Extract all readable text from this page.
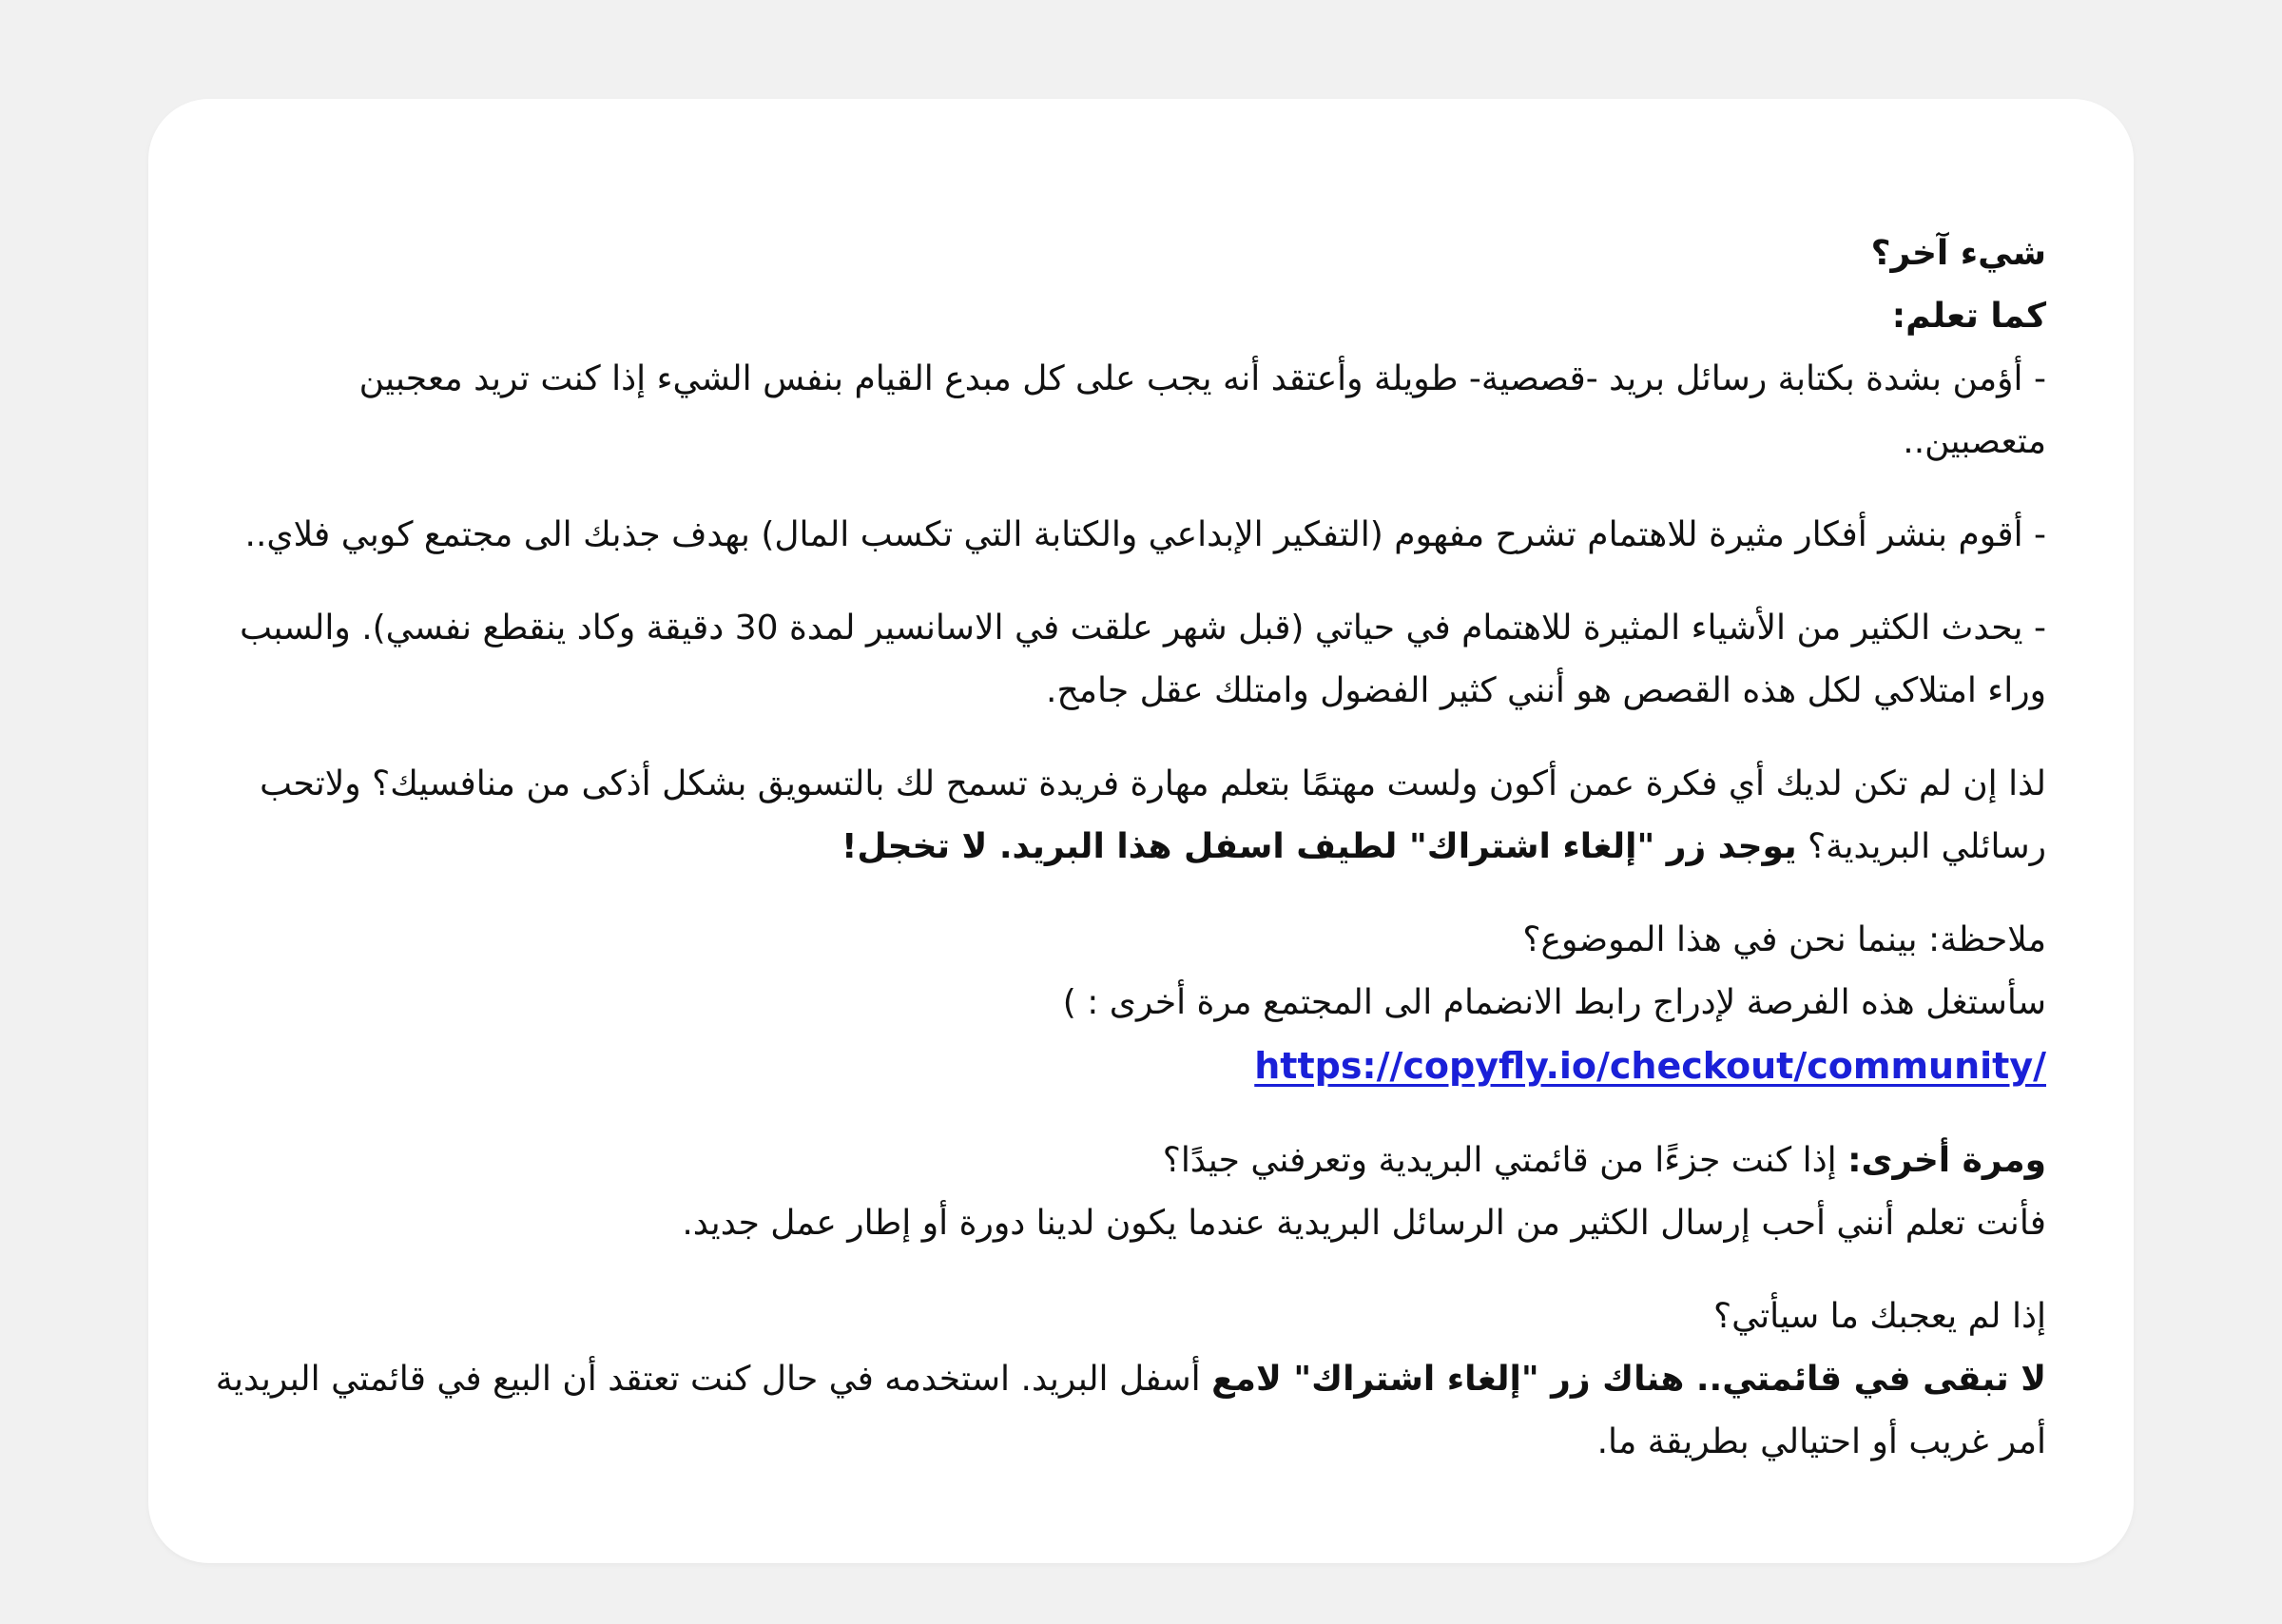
شيء آخر؟

كما تعلم:

- أؤمن بشدة بكتابة رسائل بريد -قصصية- طويلة وأعتقد أنه يجب على كل مبدع القيام بنفس الشيء إذا كنت تريد معجبين متعصبين..

- أقوم بنشر أفكار مثيرة للاهتمام تشرح مفهوم (التفكير الإبداعي والكتابة التي تكسب المال) بهدف جذبك الى مجتمع كوبي فلاي..

- يحدث الكثير من الأشياء المثيرة للاهتمام في حياتي (قبل شهر علقت في الاسانسير لمدة 30 دقيقة وكاد ينقطع نفسي). والسبب وراء امتلاكي لكل هذه القصص هو أنني كثير الفضول وامتلك عقل جامح.

لذا إن لم تكن لديك أي فكرة عمن أكون ولست مهتمًا بتعلم مهارة فريدة تسمح لك بالتسويق بشكل أذكى من منافسيك؟ ولاتحب رسائلي البريدية؟ يوجد زر "إلغاء اشتراك" لطيف اسفل هذا البريد. لا تخجل!

ملاحظة: بينما نحن في هذا الموضوع؟

سأستغل هذه الفرصة لإدراج رابط الانضمام الى المجتمع مرة أخرى : )

https://copyfly.io/checkout/community/

ومرة أخرى: إذا كنت جزءًا من قائمتي البريدية وتعرفني جيدًا؟

فأنت تعلم أنني أحب إرسال الكثير من الرسائل البريدية عندما يكون لدينا دورة أو إطار عمل جديد.

إذا لم يعجبك ما سيأتي؟

لا تبقى في قائمتي.. هناك زر "إلغاء اشتراك" لامع أسفل البريد. استخدمه في حال كنت تعتقد أن البيع في قائمتي البريدية أمر غريب أو احتيالي بطريقة ما.
